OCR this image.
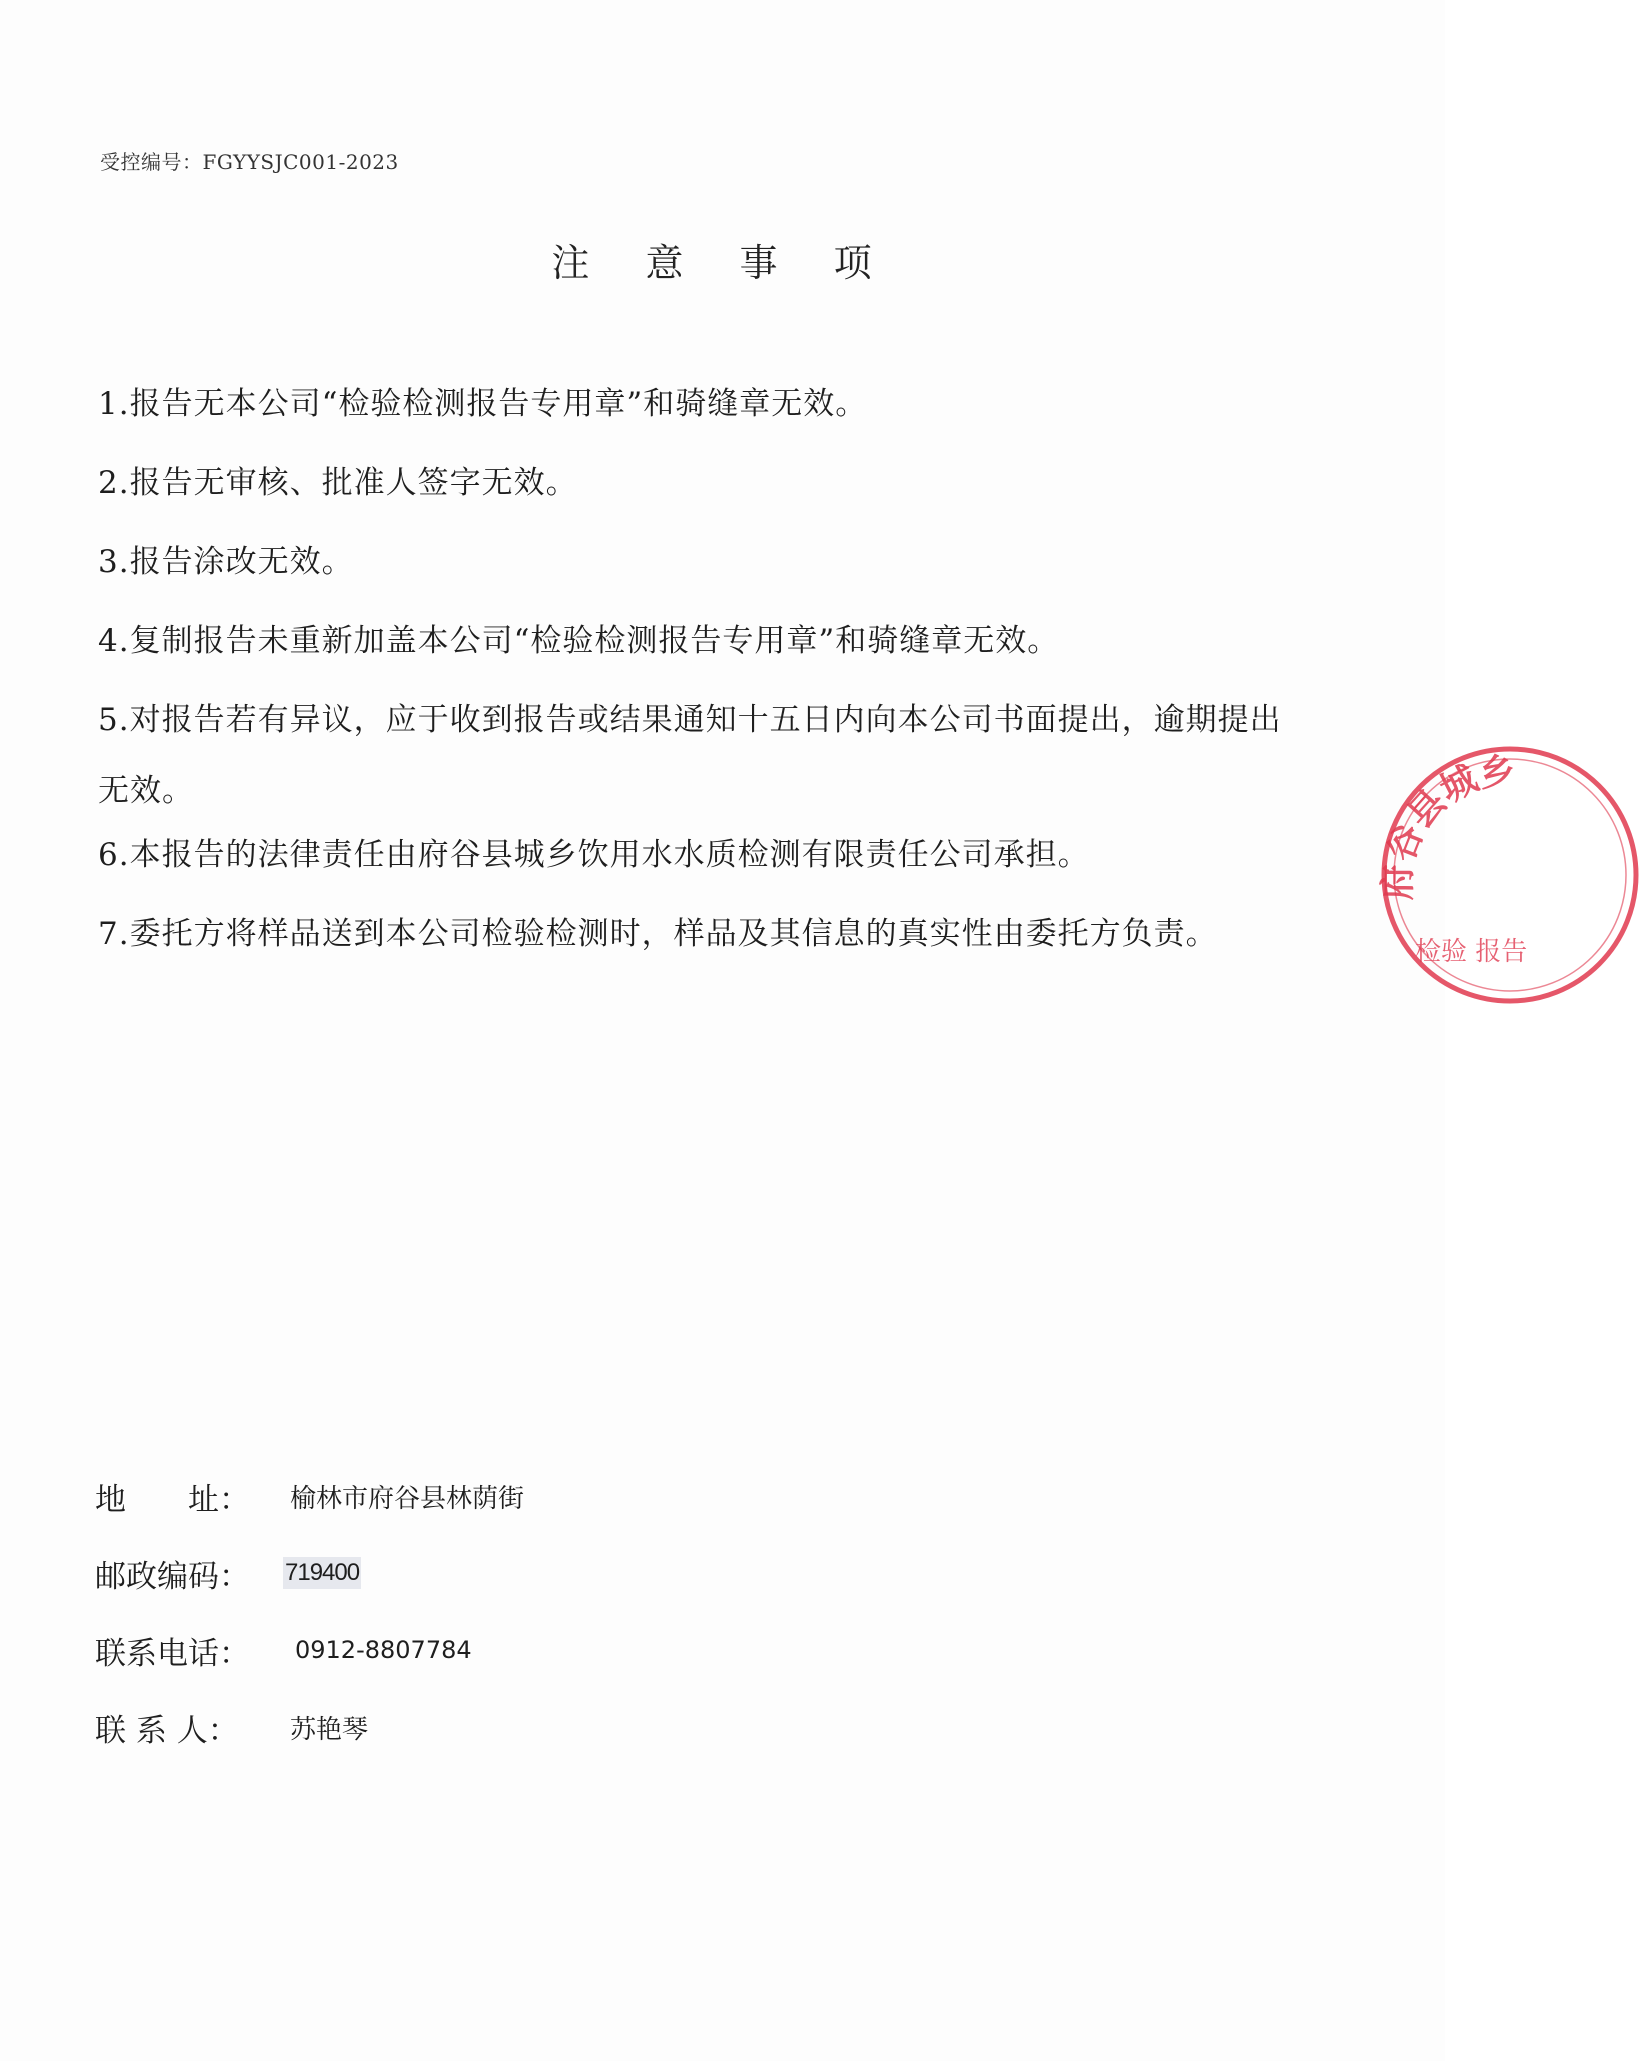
受控编号：FGYYSJC001-2023
注 意 事 项

1.报告无本公司“检验检测报告专用章”和骑缝章无效。

2.报告无审核、批准人签字无效。

3.报告涂改无效。

4.复制报告未重新加盖本公司“检验检测报告专用章”和骑缝章无效。

5.对报告若有异议，应于收到报告或结果通知十五日内向本公司书面提出，逾期提出无效。

6.本报告的法律责任由府谷县城乡饮用水水质检测有限责任公司承担。

7.委托方将样品送到本公司检验检测时，样品及其信息的真实性由委托方负责。

地　　址： 榆林市府谷县林荫街
邮政编码： 719400
联系电话： 0912-8807784
联 系 人： 苏艳琴
府谷县城乡
检验 报告
